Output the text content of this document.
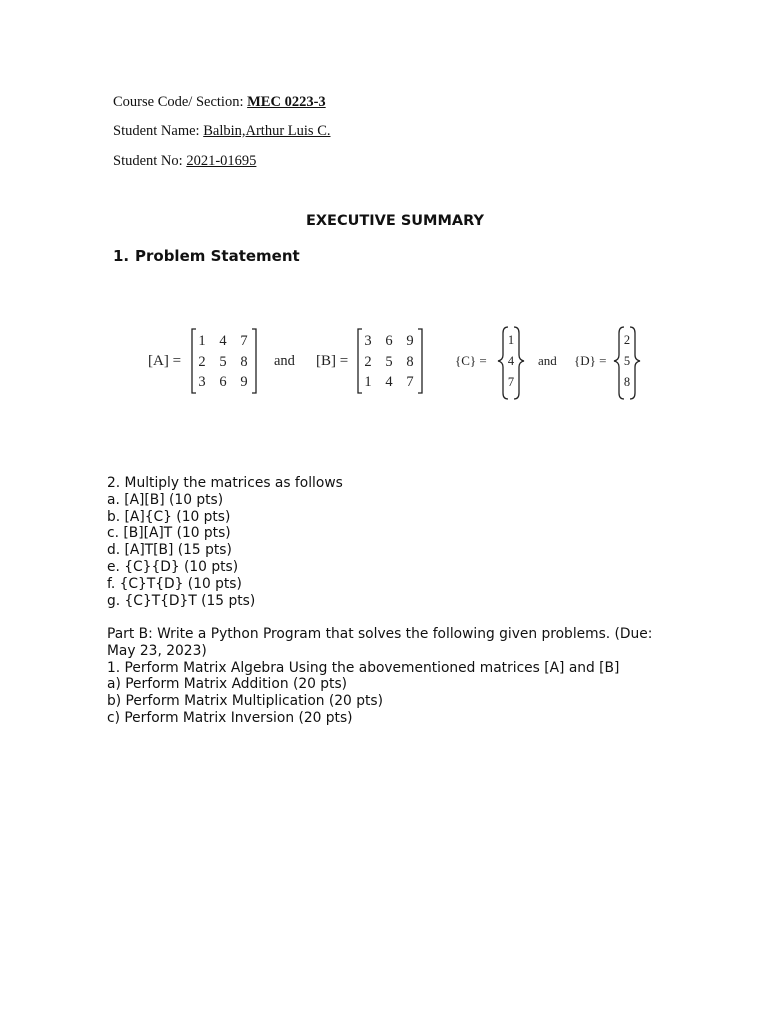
Course Code/ Section: MEC 0223-3
Student Name: Balbin,Arthur Luis C.
Student No: 2021-01695
EXECUTIVE SUMMARY
1. Problem Statement
[A] =
1 4 7
2 5 8
3 6 9
and [B] =
3 6 9
2 5 8
1 4 7
{C} =
1
4
7
and {D} =
2
5
8
2. Multiply the matrices as follows
a. [A][B] (10 pts)
b. [A]{C} (10 pts)
c. [B][A]T (10 pts)
d. [A]T[B] (15 pts)
e. {C}{D} (10 pts)
f. {C}T{D} (10 pts)
g. {C}T{D}T (15 pts)
Part B: Write a Python Program that solves the following given problems. (Due: May 23, 2023)
1. Perform Matrix Algebra Using the abovementioned matrices [A] and [B]
a) Perform Matrix Addition (20 pts)
b) Perform Matrix Multiplication (20 pts)
c) Perform Matrix Inversion (20 pts)
